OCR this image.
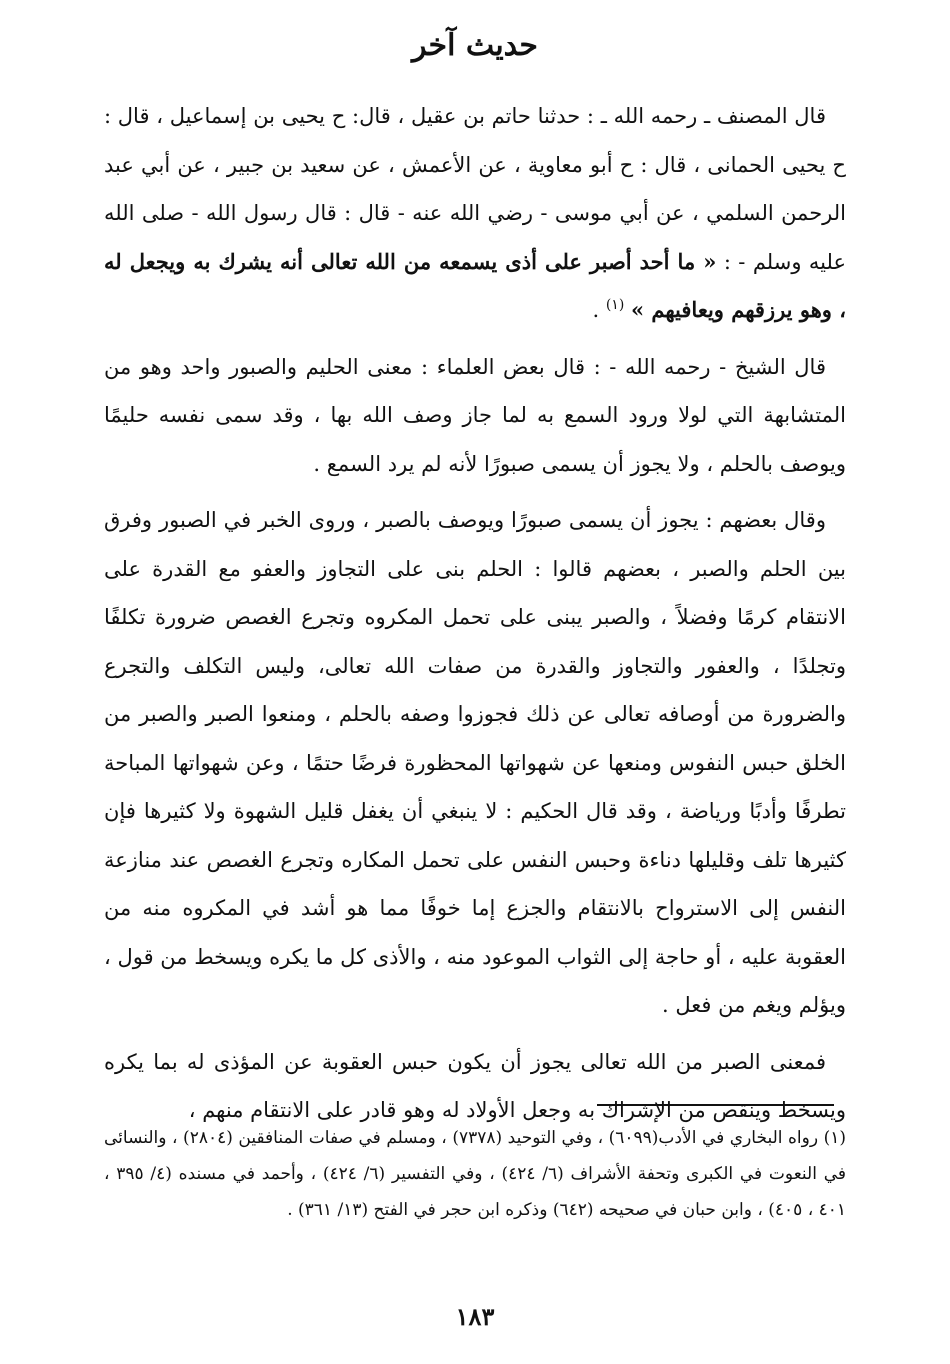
حديث آخر

قال المصنف ـ رحمه الله ـ : حدثنا حاتم بن عقيل ، قال: ح يحيى بن إسماعيل ، قال : ح يحيى الحمانى ، قال : ح أبو معاوية ، عن الأعمش ، عن سعيد بن جبير ، عن أبي عبد الرحمن السلمي ، عن أبي موسى - رضي الله عنه - قال : قال رسول الله - صلى الله عليه وسلم - : « ما أحد أصبر على أذى يسمعه من الله تعالى أنه يشرك به ويجعل له ، وهو يرزقهم ويعافيهم » $^{(١)}$ .

قال الشيخ - رحمه الله - : قال بعض العلماء : معنى الحليم والصبور واحد وهو من المتشابهة التي لولا ورود السمع به لما جاز وصف الله بها ، وقد سمى نفسه حليمًا ويوصف بالحلم ، ولا يجوز أن يسمى صبورًا لأنه لم يرد السمع .

وقال بعضهم : يجوز أن يسمى صبورًا ويوصف بالصبر ، وروى الخبر في الصبور وفرق بين الحلم والصبر ، بعضهم قالوا : الحلم بنى على التجاوز والعفو مع القدرة على الانتقام كرمًا وفضلاً ، والصبر يبنى على تحمل المكروه وتجرع الغصص ضرورة تكلفًا وتجلدًا ، والعفور والتجاوز والقدرة من صفات الله تعالى، وليس التكلف والتجرع والضرورة من أوصافه تعالى عن ذلك فجوزوا وصفه بالحلم ، ومنعوا الصبر والصبر من الخلق حبس النفوس ومنعها عن شهواتها المحظورة فرضًا حتمًا ، وعن شهواتها المباحة تطرفًا وأدبًا ورياضة ، وقد قال الحكيم : لا ينبغي أن يغفل قليل الشهوة ولا كثيرها فإن كثيرها تلف وقليلها دناءة وحبس النفس على تحمل المكاره وتجرع الغصص عند منازعة النفس إلى الاسترواح بالانتقام والجزع إما خوفًا مما هو أشد في المكروه منه من العقوبة عليه ، أو حاجة إلى الثواب الموعود منه ، والأذى كل ما يكره ويسخط من قول ، ويؤلم ويغم من فعل .

فمعنى الصبر من الله تعالى يجوز أن يكون حبس العقوبة عن المؤذى له بما يكره ويسخط وينقص من الإشراك به وجعل الأولاد له وهو قادر على الانتقام منهم ،

(١) رواه البخاري في الأدب(٦٠٩٩) ، وفي التوحيد (٧٣٧٨) ، ومسلم في صفات المنافقين (٢٨٠٤) ، والنسائى في النعوت في الكبرى وتحفة الأشراف (٦/ ٤٢٤) ، وفي التفسير (٦/ ٤٢٤) ، وأحمد في مسنده (٤/ ٣٩٥ ، ٤٠١ ، ٤٠٥) ، وابن حبان في صحيحه (٦٤٢) وذكره ابن حجر في الفتح (١٣/ ٣٦١) .
١٨٣
